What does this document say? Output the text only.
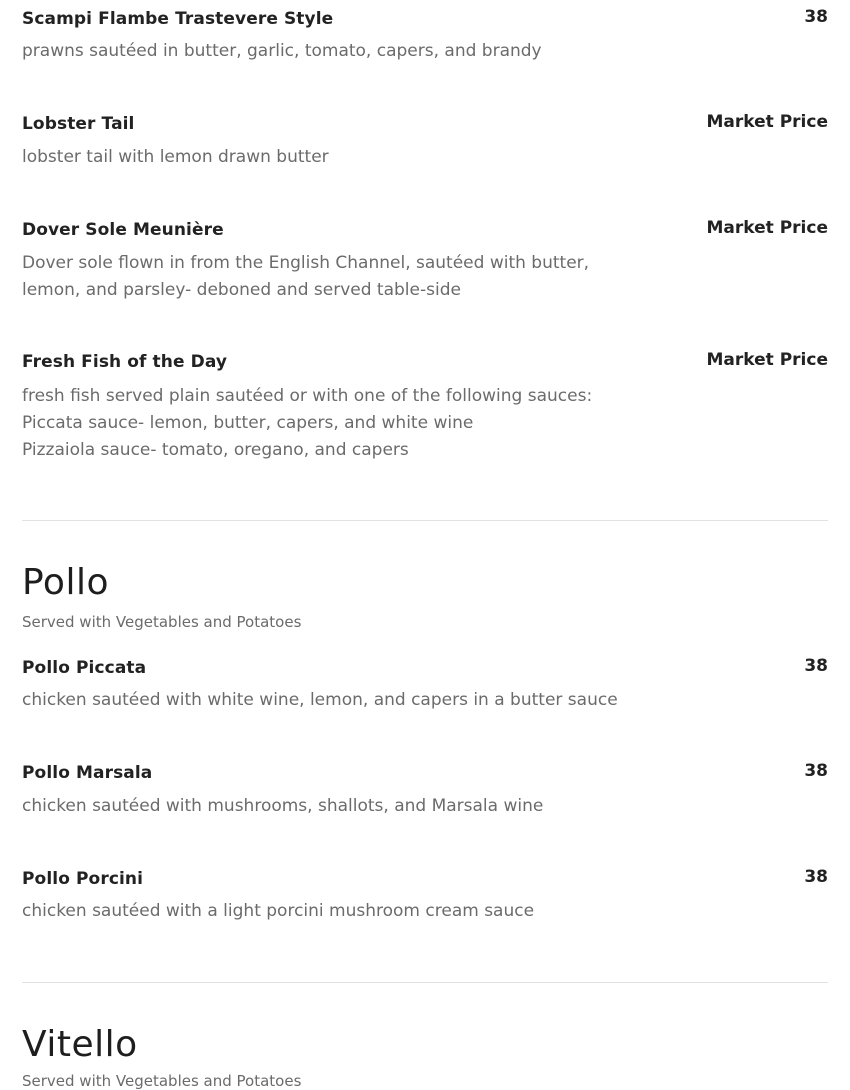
Scampi Flambe Trastevere Style	38
prawns sautéed in butter, garlic, tomato, capers, and brandy
Lobster Tail	Market Price
lobster tail with lemon drawn butter
Dover Sole Meunière	Market Price
Dover sole flown in from the English Channel, sautéed with butter,
lemon, and parsley- deboned and served table-side
Fresh Fish of the Day	Market Price
fresh fish served plain sautéed or with one of the following sauces:
Piccata sauce- lemon, butter, capers, and white wine
Pizzaiola sauce- tomato, oregano, and capers
Pollo
Served with Vegetables and Potatoes
Pollo Piccata	38
chicken sautéed with white wine, lemon, and capers in a butter sauce
Pollo Marsala	38
chicken sautéed with mushrooms, shallots, and Marsala wine
Pollo Porcini	38
chicken sautéed with a light porcini mushroom cream sauce
Vitello
Served with Vegetables and Potatoes
